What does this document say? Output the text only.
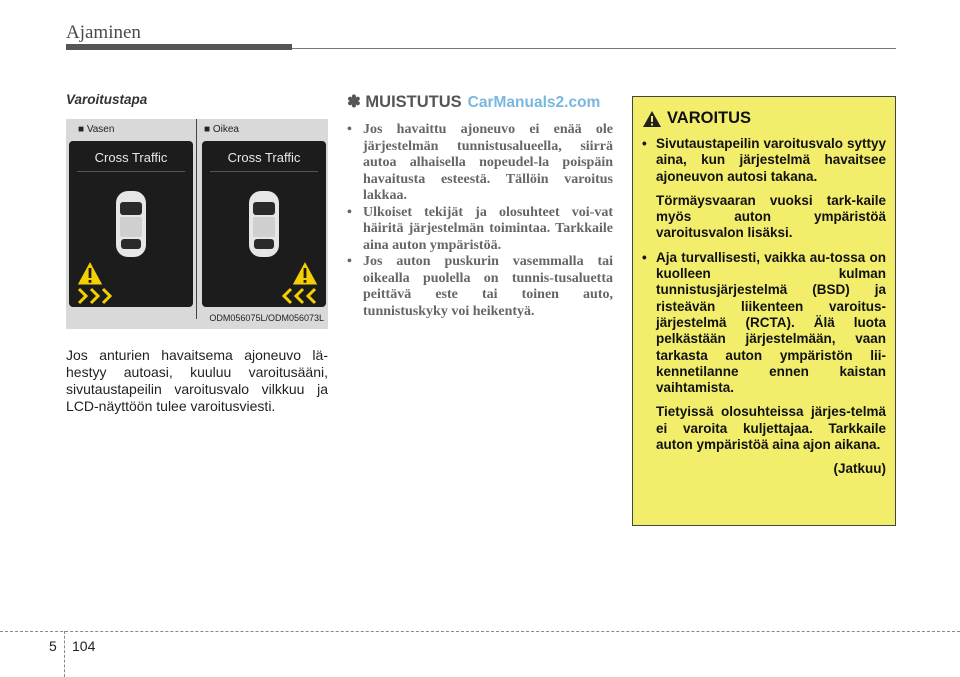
Ajaminen
Varoitustapa
■ Vasen	■ Oikea
Cross Traffic	Cross Traffic
ODM056075L/ODM056073L
Jos anturien havaitsema ajoneuvo lä-hestyy autoasi, kuuluu varoitusääni, sivutaustapeilin varoitusvalo vilkkuu ja LCD-näyttöön tulee varoitusviesti.
✽ MUISTUTUS CarManuals2.com
• Jos havaittu ajoneuvo ei enää ole järjestelmän tunnistusalueella, siirrä autoa alhaisella nopeudel-la poispäin havaitusta esteestä. Tällöin varoitus lakkaa.
• Ulkoiset tekijät ja olosuhteet voi-vat häiritä järjestelmän toimintaa. Tarkkaile aina auton ympäristöä.
• Jos auton puskurin vasemmalla tai oikealla puolella on tunnis-tusaluetta peittävä este tai toinen auto, tunnistuskyky voi heikentyä.
VAROITUS
• Sivutaustapeilin varoitusvalo syttyy aina, kun järjestelmä havaitsee ajoneuvon autosi takana.

Törmäysvaaran vuoksi tark-kaile myös auton ympäristöä varoitusvalon lisäksi.

• Aja turvallisesti, vaikka au-tossa on kuolleen kulman tunnistusjärjestelmä (BSD) ja risteävän liikenteen varoitus-järjestelmä (RCTA). Älä luota pelkästään järjestelmään, vaan tarkasta auton ympäristön lii-kennetilanne ennen kaistan vaihtamista.

Tietyissä olosuhteissa järjes-telmä ei varoita kuljettajaa. Tarkkaile auton ympäristöä aina ajon aikana.

(Jatkuu)
5 104
